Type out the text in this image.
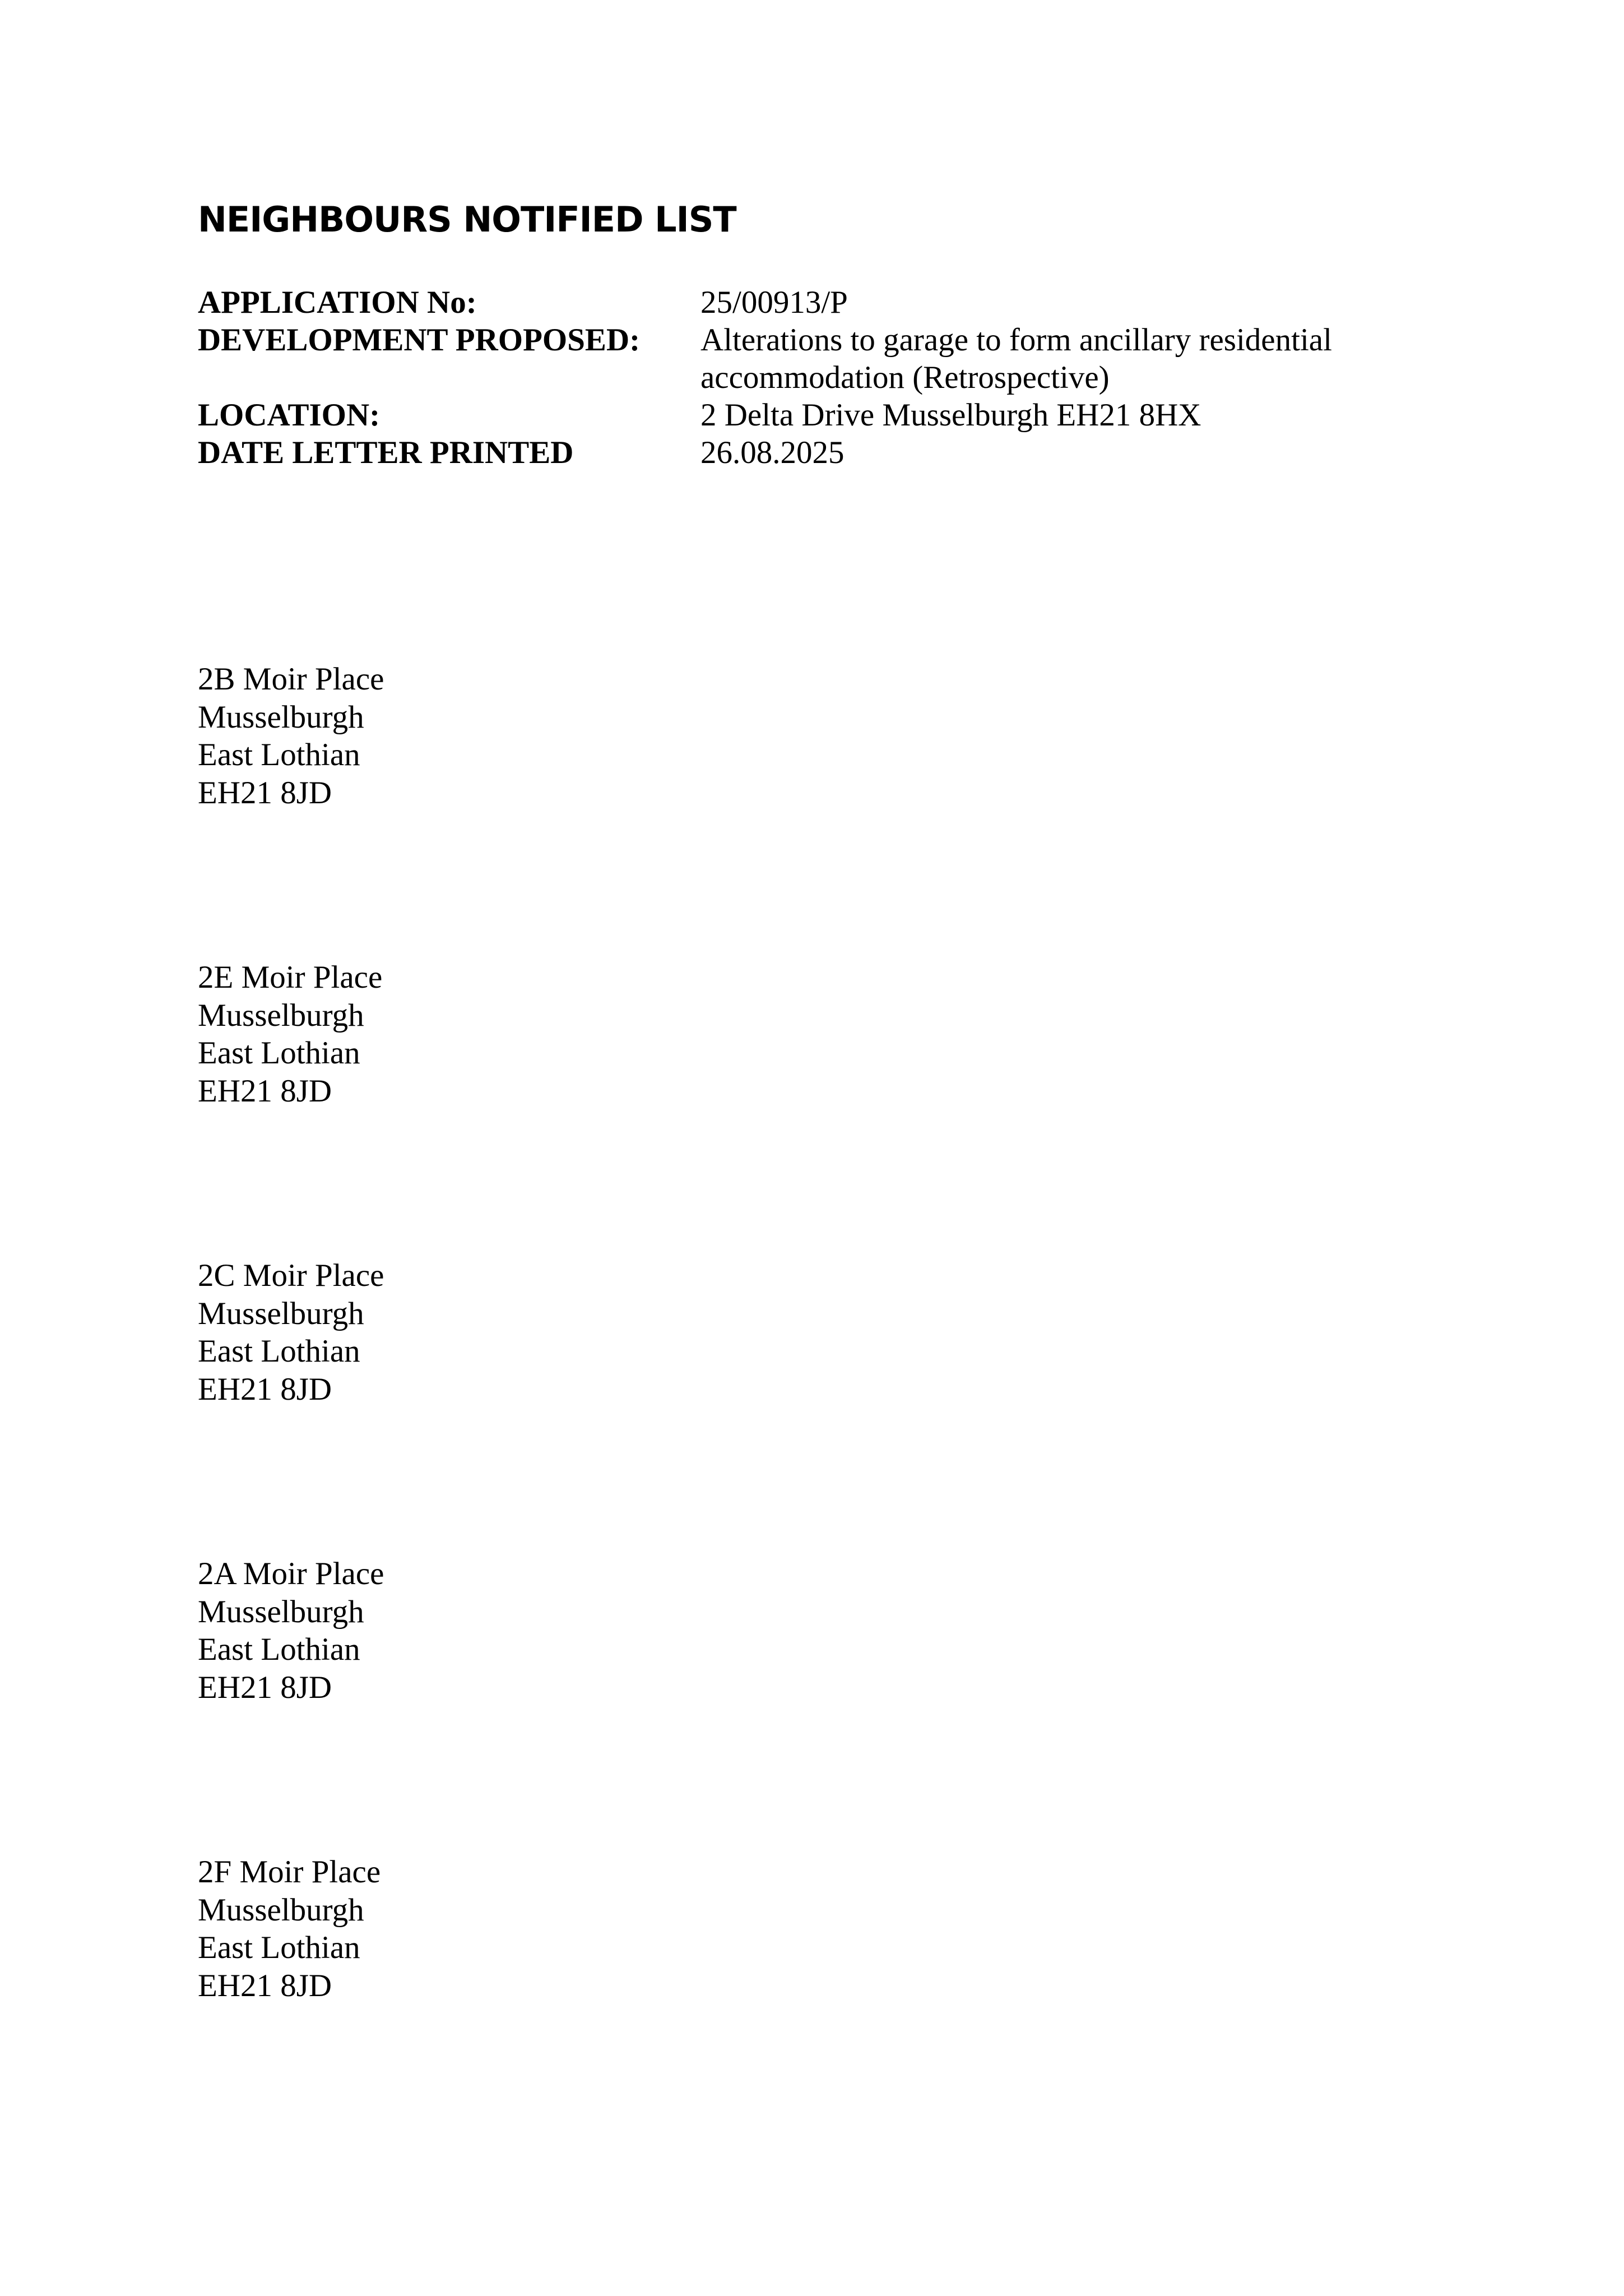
NEIGHBOURS NOTIFIED LIST
APPLICATION No:	25/00913/P
DEVELOPMENT PROPOSED:	Alterations to garage to form ancillary residential
accommodation (Retrospective)
LOCATION:	2 Delta Drive Musselburgh EH21 8HX
DATE LETTER PRINTED	26.08.2025
2B Moir Place
Musselburgh
East Lothian
EH21 8JD
2E Moir Place
Musselburgh
East Lothian
EH21 8JD
2C Moir Place
Musselburgh
East Lothian
EH21 8JD
2A Moir Place
Musselburgh
East Lothian
EH21 8JD
2F Moir Place
Musselburgh
East Lothian
EH21 8JD
